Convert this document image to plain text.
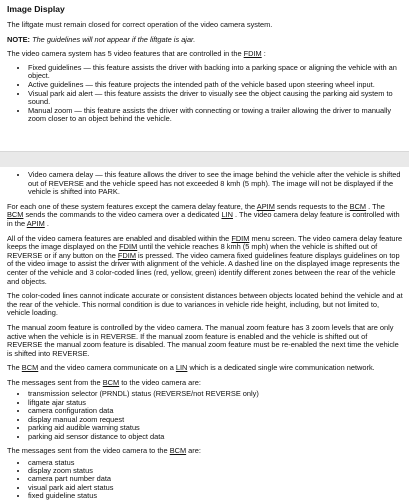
Image Display

The liftgate must remain closed for correct operation of the video camera system.

NOTE: The guidelines will not appear if the liftgate is ajar.

The video camera system has 5 video features that are controlled in the FDIM :

• Fixed guidelines — this feature assists the driver with backing into a parking space or aligning the vehicle with an object.
• Active guidelines — this feature projects the intended path of the vehicle based upon steering wheel input.
• Visual park aid alert — this feature assists the driver to visually see the object causing the parking aid system to sound.
• Manual zoom — this feature assists the driver with connecting or towing a trailer allowing the driver to manually zoom closer to an object behind the vehicle.
• Video camera delay — this feature allows the driver to see the image behind the vehicle after the vehicle is shifted out of REVERSE and the vehicle speed has not exceeded 8 kmh (5 mph). The image will not be displayed if the vehicle is shifted into PARK.

For each one of these system features except the camera delay feature, the APIM sends requests to the BCM . The BCM sends the commands to the video camera over a dedicated LIN . The video camera delay feature is controlled with in the APIM .

All of the video camera features are enabled and disabled within the FDIM menu screen. The video camera delay feature keeps the image displayed on the FDIM until the vehicle reaches 8 kmh (5 mph) when the vehicle is shifted out of REVERSE or if any button on the FDIM is pressed. The video camera fixed guidelines feature displays guidelines on top of the video image to assist the driver with alignment of the vehicle. A dashed line on the displayed image represents the center of the vehicle and 3 color-coded lines (red, yellow, green) identify different zones between the rear of the vehicle and objects.

The color-coded lines cannot indicate accurate or consistent distances between objects located behind the vehicle and at the rear of the vehicle. This normal condition is due to variances in vehicle ride height, including, but not limited to, vehicle loading.

The manual zoom feature is controlled by the video camera. The manual zoom feature has 3 zoom levels that are only active when the vehicle is in REVERSE. If the manual zoom feature is enabled and the vehicle is shifted out of REVERSE the manual zoom feature is disabled. The manual zoom feature must be re-enabled the next time the vehicle is shifted into REVERSE.

The BCM and the video camera communicate on a LIN which is a dedicated single wire communication network.

The messages sent from the BCM to the video camera are:

• transmission selector (PRNDL) status (REVERSE/not REVERSE only)
• liftgate ajar status
• camera configuration data
• display manual zoom request
• parking aid audible warning status
• parking aid sensor distance to object data

The messages sent from the video camera to the BCM are:

• camera status
• display zoom status
• camera part number data
• visual park aid alert status
• fixed guideline status
